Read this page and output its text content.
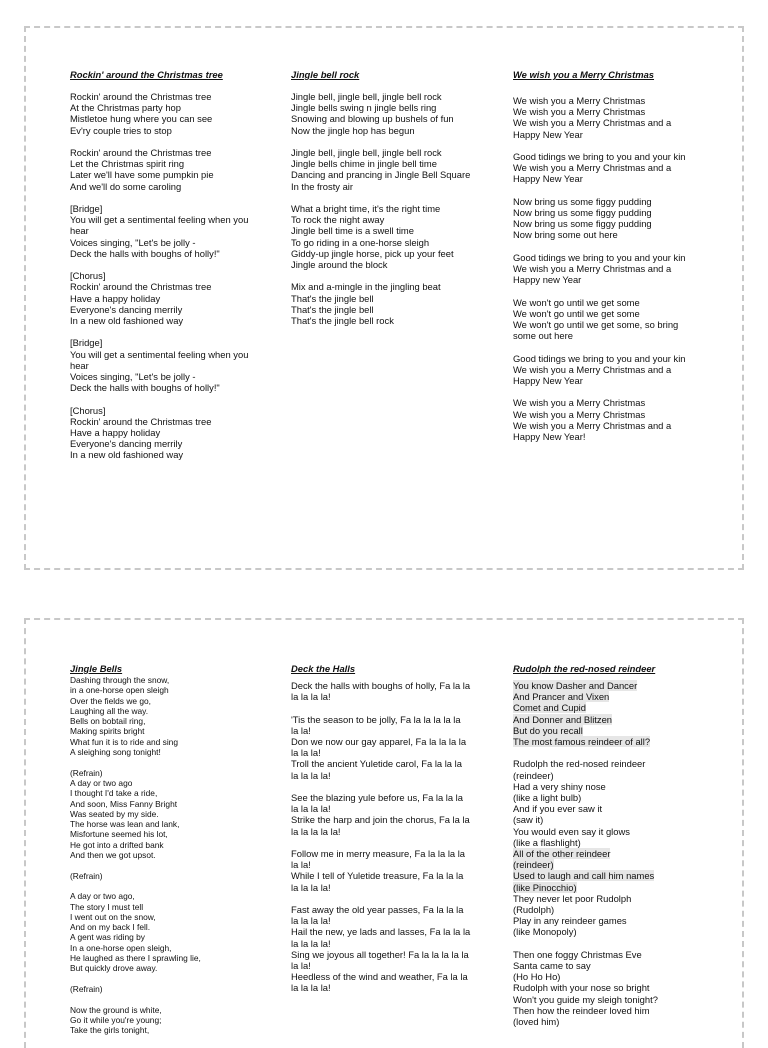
Rockin' around the Christmas tree

Rockin' around the Christmas tree
At the Christmas party hop
Mistletoe hung where you can see
Ev'ry couple tries to stop
Rockin' around the Christmas tree
Let the Christmas spirit ring
Later we'll have some pumpkin pie
And we'll do some caroling
[Bridge]
You will get a sentimental feeling when you
hear
Voices singing, "Let's be jolly -
Deck the halls with boughs of holly!"
[Chorus]
Rockin' around the Christmas tree
Have a happy holiday
Everyone's dancing merrily
In a new old fashioned way
[Bridge]
You will get a sentimental feeling when you
hear
Voices singing, "Let's be jolly -
Deck the halls with boughs of holly!"
[Chorus]
Rockin' around the Christmas tree
Have a happy holiday
Everyone's dancing merrily
In a new old fashioned way

Jingle bell rock

Jingle bell, jingle bell, jingle bell rock
Jingle bells swing n jingle bells ring
Snowing and blowing up bushels of fun
Now the jingle hop has begun
Jingle bell, jingle bell, jingle bell rock
Jingle bells chime in jingle bell time
Dancing and prancing in Jingle Bell Square
In the frosty air
What a bright time, it's the right time
To rock the night away
Jingle bell time is a swell time
To go riding in a one-horse sleigh
Giddy-up jingle horse, pick up your feet
Jingle around the block
Mix and a-mingle in the jingling beat
That's the jingle bell
That's the jingle bell
That's the jingle bell rock

We wish you a Merry Christmas

We wish you a Merry Christmas
We wish you a Merry Christmas
We wish you a Merry Christmas and a
Happy New Year
Good tidings we bring to you and your kin
We wish you a Merry Christmas and a
Happy New Year
Now bring us some figgy pudding
Now bring us some figgy pudding
Now bring us some figgy pudding
Now bring some out here
Good tidings we bring to you and your kin
We wish you a Merry Christmas and a
Happy new Year
We won't go until we get some
We won't go until we get some
We won't go until we get some, so bring
some out here
Good tidings we bring to you and your kin
We wish you a Merry Christmas and a
Happy New Year
We wish you a Merry Christmas
We wish you a Merry Christmas
We wish you a Merry Christmas and a
Happy New Year!

Jingle Bells

Dashing through the snow,
in a one-horse open sleigh
Over the fields we go,
Laughing all the way.
Bells on bobtail ring,
Making spirits bright
What fun it is to ride and sing
A sleighing song tonight!
(Refrain)
A day or two ago
I thought I'd take a ride,
And soon, Miss Fanny Bright
Was seated by my side.
The horse was lean and lank,
Misfortune seemed his lot,
He got into a drifted bank
And then we got upsot.
(Refrain)
A day or two ago,
The story I must tell
I went out on the snow,
And on my back I fell.
A gent was riding by
In a one-horse open sleigh,
He laughed as there I sprawling lie,
But quickly drove away.
(Refrain)
Now the ground is white,
Go it while you're young;
Take the girls tonight,

Deck the Halls

Deck the halls with boughs of holly, Fa la la
la la la la!
'Tis the season to be jolly, Fa la la la la la
la la!
Don we now our gay apparel, Fa la la la la
la la la!
Troll the ancient Yuletide carol, Fa la la la
la la la la!
See the blazing yule before us, Fa la la la
la la la la!
Strike the harp and join the chorus, Fa la la
la la la la la!
Follow me in merry measure, Fa la la la la
la la!
While I tell of Yuletide treasure, Fa la la la
la la la la!
Fast away the old year passes, Fa la la la
la la la la!
Hail the new, ye lads and lasses, Fa la la la
la la la la!
Sing we joyous all together! Fa la la la la la
la la!
Heedless of the wind and weather, Fa la la
la la la la!

Rudolph the red-nosed reindeer

You know Dasher and Dancer
And Prancer and Vixen
Comet and Cupid
And Donner and Blitzen
But do you recall
The most famous reindeer of all?
Rudolph the red-nosed reindeer
(reindeer)
Had a very shiny nose
(like a light bulb)
And if you ever saw it
(saw it)
You would even say it glows
(like a flashlight)
All of the other reindeer
(reindeer)
Used to laugh and call him names
(like Pinocchio)
They never let poor Rudolph
(Rudolph)
Play in any reindeer games
(like Monopoly)
Then one foggy Christmas Eve
Santa came to say
(Ho Ho Ho)
Rudolph with your nose so bright
Won't you guide my sleigh tonight?
Then how the reindeer loved him
(loved him)
